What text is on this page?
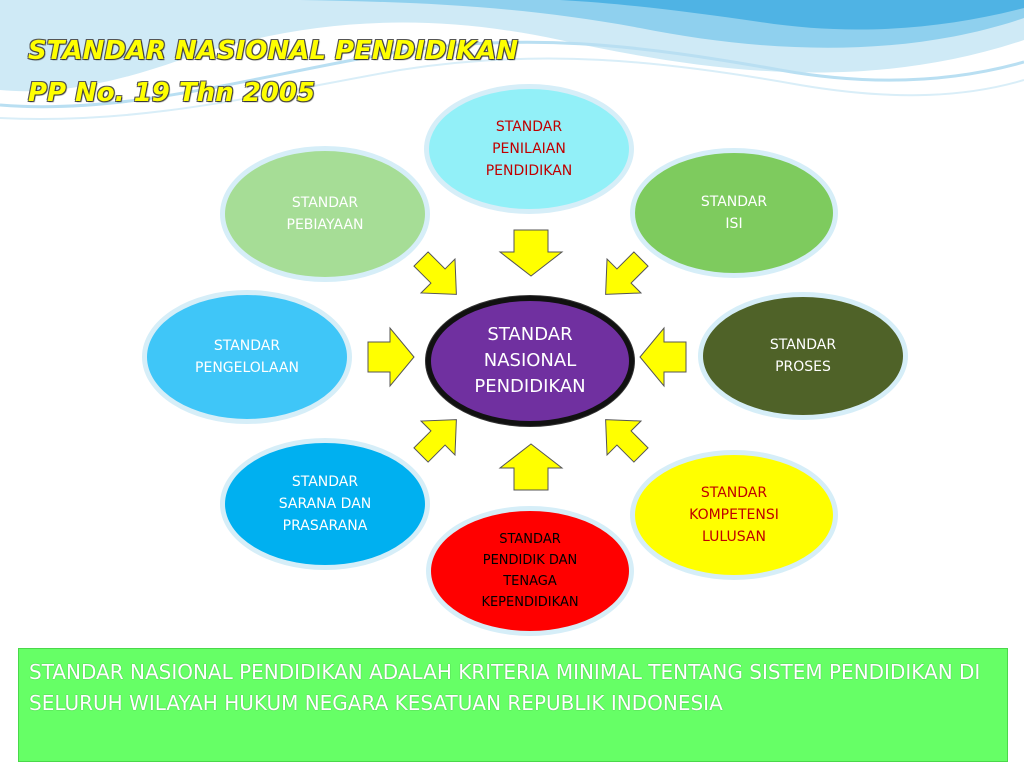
STANDAR NASIONAL PENDIDIKAN
PP No. 19 Thn 2005
STANDAR
NASIONAL
PENDIDIKAN
STANDAR
PENILAIAN
PENDIDIKAN
STANDAR
ISI
STANDAR
PROSES
STANDAR
KOMPETENSI
LULUSAN
STANDAR
PENDIDIK DAN
TENAGA
KEPENDIDIKAN
STANDAR
SARANA DAN
PRASARANA
STANDAR
PENGELOLAAN
STANDAR
PEBIAYAAN
STANDAR NASIONAL PENDIDIKAN ADALAH KRITERIA MINIMAL TENTANG SISTEM PENDIDIKAN DI SELURUH WILAYAH HUKUM NEGARA KESATUAN REPUBLIK INDONESIA
